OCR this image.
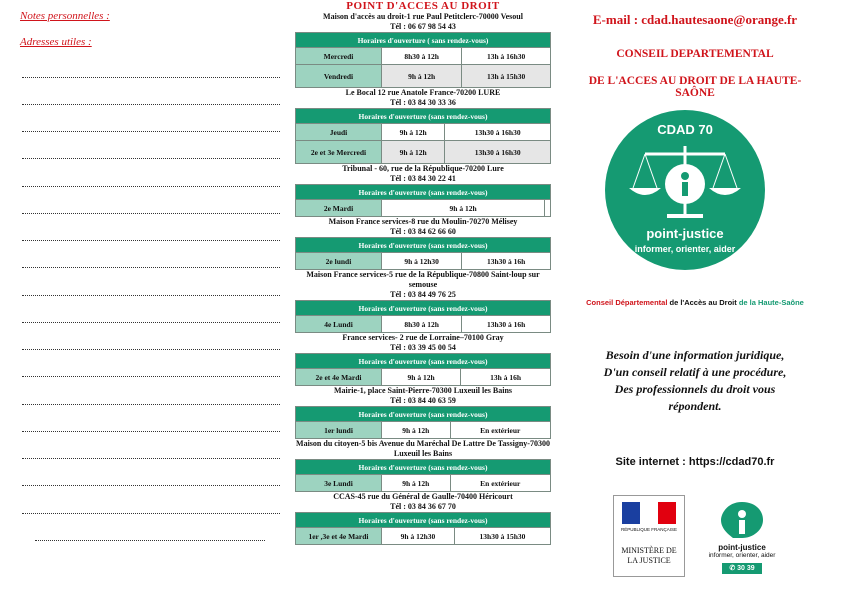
Notes personnelles :
Adresses utiles :
POINT D'ACCES AU DROIT
Maison d'accès au droit-1 rue Paul Petitclerc-70000 Vesoul
Tél : 06 67 98 54 43
Horaires d'ouverture ( sans rendez-vous)		
Mercredi	8h30 à 12h	13h à 16h30
Vendredi	9h à 12h	13h à 15h30
Le Bocal 12 rue Anatole France-70200 LURE
Tél : 03 84 30 33 36
Horaires d'ouverture (sans rendez-vous)		
Jeudi	9h à 12h	13h30 à 16h30
2e et 3e Mercredi	9h à 12h	13h30 à 16h30
Tribunal - 60, rue de la République-70200 Lure
Tél : 03 84 30 22 41
Horaires d'ouverture (sans rendez-vous)
2e Mardi	9h à 12h	
Maison France services-8 rue du Moulin-70270 Mélisey
Tél : 03 84 62 66 60
Horaires d'ouverture (sans rendez-vous)
2e lundi	9h à 12h30	13h30 à 16h
Maison France services-5 rue de la République-70800 Saint-loup sur semouse
Tél : 03 84 49 76 25
Horaires d'ouverture (sans rendez-vous)
4e Lundi	8h30 à 12h	13h30 à 16h
France services- 2 rue de Lorraine–70100 Gray
Tél : 03 39 45 00 54
Horaires d'ouverture (sans rendez-vous)
2e et 4e Mardi	9h à 12h	13h à 16h
Mairie-1, place Saint-Pierre-70300 Luxeuil les Bains
Tél : 03 84 40 63 59
Horaires d'ouverture (sans rendez-vous)
1er lundi	9h à 12h	En extérieur
Maison du citoyen-5 bis Avenue du Maréchal De Lattre De Tassigny-70300 Luxeuil les Bains
Horaires d'ouverture (sans rendez-vous)
3e Lundi	9h à 12h	En extérieur
CCAS-45 rue du Général de Gaulle-70400 Héricourt
Tél : 03 84 36 67 70
Horaires d'ouverture (sans rendez-vous)
1er ,3e et 4e Mardi	9h à 12h30	13h30 à 15h30
E-mail : cdad.hautesaone@orange.fr
CONSEIL DEPARTEMENTAL
DE L'ACCES AU DROIT DE LA HAUTE-SAÔNE
CDAD 70
point-justice
informer, orienter, aider
Conseil Départemental de l'Accès au Droit de la Haute-Saône
Besoin d'une information juridique,
D'un conseil relatif à une procédure,
Des professionnels du droit vous
répondent.
Site internet : https://cdad70.fr
RÉPUBLIQUE FRANÇAISE
MINISTÈRE DE LA JUSTICE
point-justice
informer, orienter, aider
✆ 30 39
